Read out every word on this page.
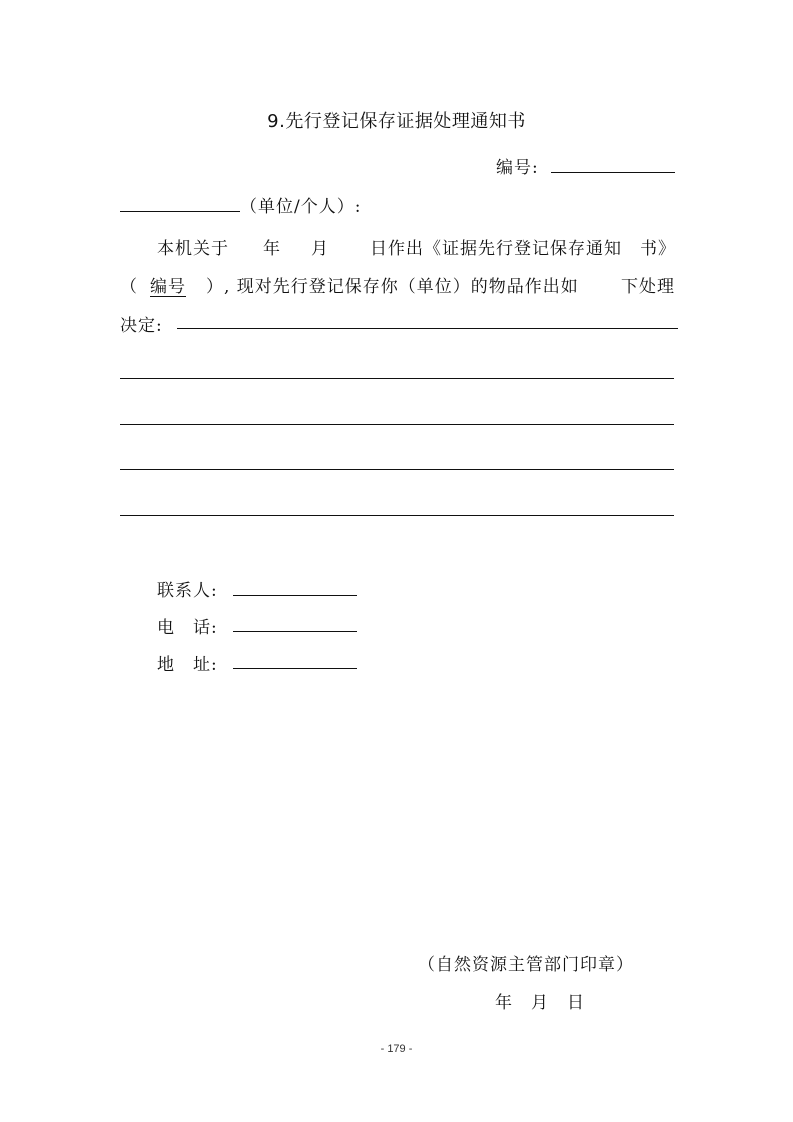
9.先行登记保存证据处理通知书
编号:
（单位/个人）:
本机关于 年 月 日作出《证据先行登记保存通知 书》
（ 编号	）, 现对先行登记保存你（单位）的物品作出如 下处理
决定:
联系人:
电　话:
地　址:
（自然资源主管部门印章）
年　月　日
- 179 -
